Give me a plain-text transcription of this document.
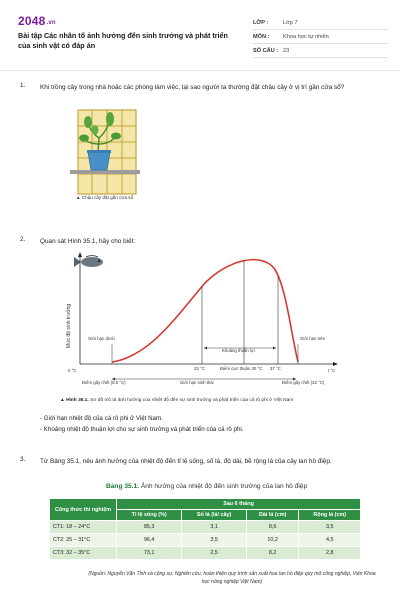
2048.vn
Bài tập Các nhân tố ảnh hưởng đến sinh trưởng và phát triển của sinh vật có đáp án
LỚP :	Lớp 7
MÔN :	Khoa học tự nhiên
SỐ CÂU : 23
1. Khi trồng cây trong nhà hoặc các phòng làm việc, tại sao người ta thường đặt chậu cây ở vị trí gần cửa sổ?
▲ Chậu cây đặt gần cửa sổ
2. Quan sát Hình 35.1, hãy cho biết:
Mức độ sinh trưởng	Giới hạn dưới	Giới hạn trên
Khoảng thuận lợi
0 °C	t °C
23 °C	Điểm cực thuận 30 °C 37 °C
Điểm gây chết (5,6 °C)	Giới hạn sinh thái	Điểm gây chết (42 °C)
▲ Hình 35.1. Sơ đồ mô tả ảnh hưởng của nhiệt độ đến sự sinh trưởng và phát triển của cá rô phi ở Việt Nam
- Giới hạn nhiệt độ của cá rô phi ở Việt Nam.
- Khoảng nhiệt độ thuận lợi cho sự sinh trưởng và phát triển của cá rô phi.
3. Từ Bảng 35.1, nêu ảnh hưởng của nhiệt độ đến tỉ lệ sống, số lá, độ dài, bề rộng lá của cây lan hồ điệp.
Bảng 35.1. Ảnh hưởng của nhiệt độ đến sinh trưởng của lan hồ điệp
Công thức thí nghiệm	Sau 6 tháng			
	Tỉ lệ sống (%)	Số lá (lá/ cây)	Dài lá (cm)	Rộng lá (cm)
CT1: 18 – 24°C	85,3	3,1	8,6	3,5
CT2: 25 – 31°C	96,4	3,5	10,2	4,5
CT3: 32 – 35°C	73,1	2,5	8,2	2,8
(Nguồn: Nguyễn Văn Tỉnh và cộng sự, Nghiên cứu, hoàn thiện quy trình sản xuất hoa lan hồ điệp quy mô công nghiệp, Viện Khoa học nông nghiệp Việt Nam)
